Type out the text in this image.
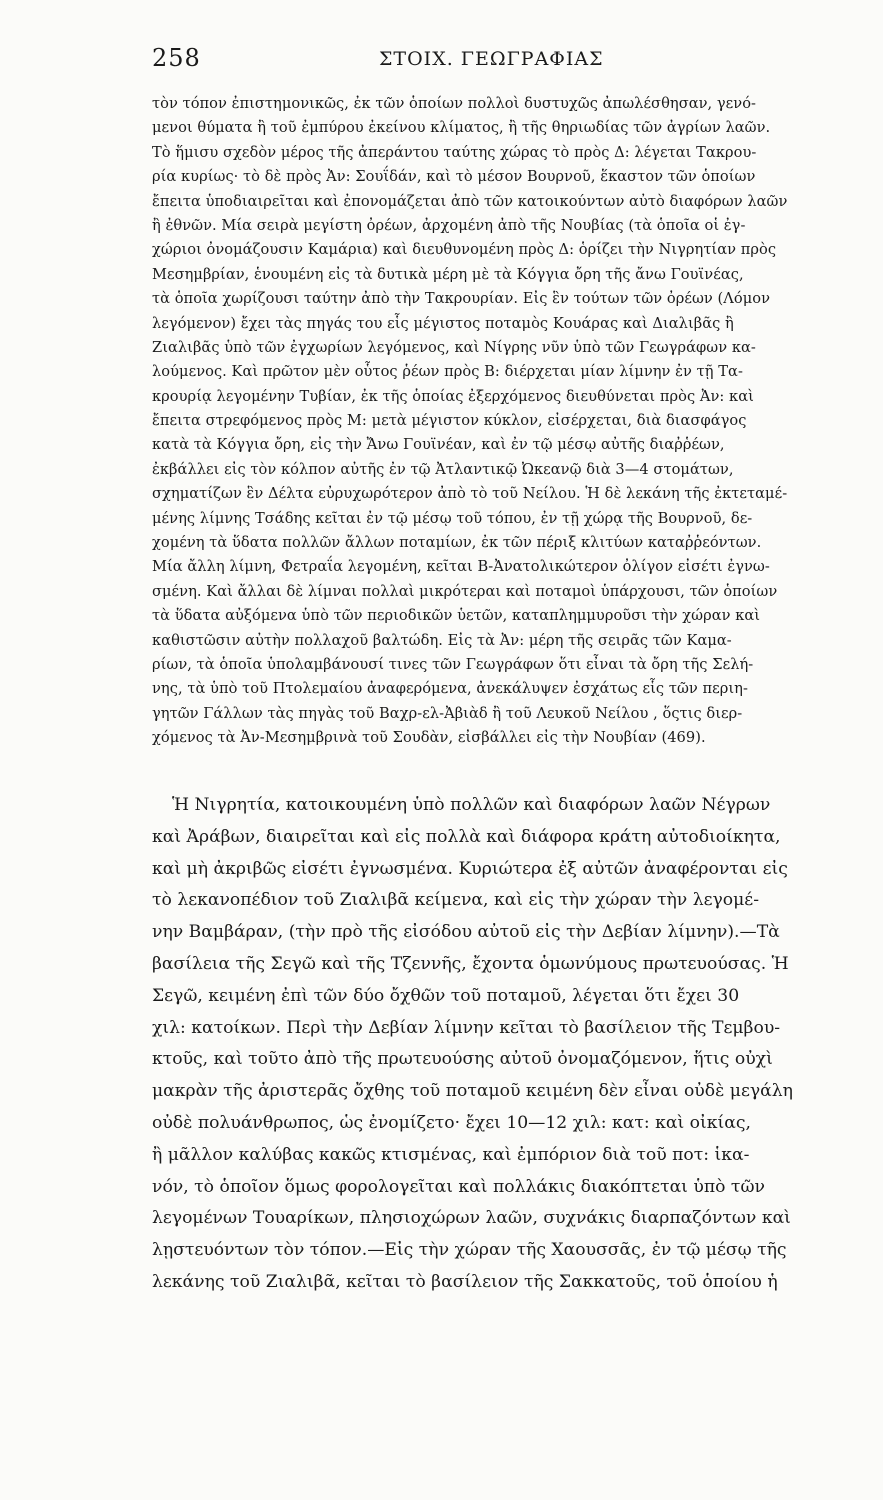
258	ΣΤΟΙΧ. ΓΕΩΓΡΑΦΙΑΣ
τὸν τόπον ἐπιστημονικῶς, ἐκ τῶν ὁποίων πολλοὶ δυστυχῶς ἀπωλέσθησαν, γενό-
μενοι θύματα ἢ τοῦ ἐμπύρου ἐκείνου κλίματος, ἢ τῆς θηριωδίας τῶν ἀγρίων λαῶν.
Τὸ ἥμισυ σχεδὸν μέρος τῆς ἀπεράντου ταύτης χώρας τὸ πρὸς Δ: λέγεται Τακρου-
ρία κυρίως· τὸ δὲ πρὸς Ἀν: Σουΐδάν, καὶ τὸ μέσον Βουρνοῦ, ἕκαστον τῶν ὁποίων
ἔπειτα ὑποδιαιρεῖται καὶ ἐπονομάζεται ἀπὸ τῶν κατοικούντων αὐτὸ διαφόρων λαῶν
ἢ ἐθνῶν. Μία σειρὰ μεγίστη ὀρέων, ἀρχομένη ἀπὸ τῆς Νουβίας (τὰ ὁποῖα οἱ ἐγ-
χώριοι ὀνομάζουσιν Καμάρια) καὶ διευθυνομένη πρὸς Δ: ὁρίζει τὴν Νιγρητίαν πρὸς
Μεσημβρίαν, ἑνουμένη εἰς τὰ δυτικὰ μέρη μὲ τὰ Κόγγια ὄρη τῆς ἄνω Γουϊνέας,
τὰ ὁποῖα χωρίζουσι ταύτην ἀπὸ τὴν Τακρουρίαν. Εἰς ἓν τούτων τῶν ὀρέων (Λόμον
λεγόμενον) ἔχει τὰς πηγάς του εἷς μέγιστος ποταμὸς Κουάρας καὶ Διαλιβᾶς ἢ
Ζιαλιβᾶς ὑπὸ τῶν ἐγχωρίων λεγόμενος, καὶ Νίγρης νῦν ὑπὸ τῶν Γεωγράφων κα-
λούμενος. Καὶ πρῶτον μὲν οὗτος ῥέων πρὸς Β: διέρχεται μίαν λίμνην ἐν τῇ Τα-
κρουρίᾳ λεγομένην Τυβίαν, ἐκ τῆς ὁποίας ἐξερχόμενος διευθύνεται πρὸς Ἀν: καὶ
ἔπειτα στρεφόμενος πρὸς Μ: μετὰ μέγιστον κύκλον, εἰσέρχεται, διὰ διασφάγος
κατὰ τὰ Κόγγια ὄρη, εἰς τὴν Ἄνω Γουϊνέαν, καὶ ἐν τῷ μέσῳ αὐτῆς διαῤῥέων,
ἐκβάλλει εἰς τὸν κόλπον αὐτῆς ἐν τῷ Ἀτλαντικῷ Ὠκεανῷ διὰ 3—4 στομάτων,
σχηματίζων ἓν Δέλτα εὐρυχωρότερον ἀπὸ τὸ τοῦ Νείλου. Ἡ δὲ λεκάνη τῆς ἐκτεταμέ-
μένης λίμνης Τσάδης κεῖται ἐν τῷ μέσῳ τοῦ τόπου, ἐν τῇ χώρᾳ τῆς Βουρνοῦ, δε-
χομένη τὰ ὕδατα πολλῶν ἄλλων ποταμίων, ἐκ τῶν πέριξ κλιτύων καταῤῥεόντων.
Μία ἄλλη λίμνη, Φετραΐα λεγομένη, κεῖται Β-Ἀνατολικώτερον ὀλίγον εἰσέτι ἐγνω-
σμένη. Καὶ ἄλλαι δὲ λίμναι πολλαὶ μικρότεραι καὶ ποταμοὶ ὑπάρχουσι, τῶν ὁποίων
τὰ ὕδατα αὐξόμενα ὑπὸ τῶν περιοδικῶν ὑετῶν, καταπλημμυροῦσι τὴν χώραν καὶ
καθιστῶσιν αὐτὴν πολλαχοῦ βαλτώδη. Εἰς τὰ Ἀν: μέρη τῆς σειρᾶς τῶν Καμα-
ρίων, τὰ ὁποῖα ὑπολαμβάνουσί τινες τῶν Γεωγράφων ὅτι εἶναι τὰ ὄρη τῆς Σελή-
νης, τὰ ὑπὸ τοῦ Πτολεμαίου ἀναφερόμενα, ἀνεκάλυψεν ἐσχάτως εἷς τῶν περιη-
γητῶν Γάλλων τὰς πηγὰς τοῦ Βαχρ-ελ-Ἀβιὰδ ἢ τοῦ Λευκοῦ Νείλου , ὅςτις διερ-
χόμενος τὰ Ἀν-Μεσημβρινὰ τοῦ Σουδὰν, εἰσβάλλει εἰς τὴν Νουβίαν (469).
Ἡ Νιγρητία, κατοικουμένη ὑπὸ πολλῶν καὶ διαφόρων λαῶν Νέγρων
καὶ Ἀράβων, διαιρεῖται καὶ εἰς πολλὰ καὶ διάφορα κράτη αὐτοδιοίκητα,
καὶ μὴ ἀκριβῶς εἰσέτι ἐγνωσμένα. Κυριώτερα ἐξ αὐτῶν ἀναφέρονται εἰς
τὸ λεκανοπέδιον τοῦ Ζιαλιβᾶ κείμενα, καὶ εἰς τὴν χώραν τὴν λεγομέ-
νην Βαμβάραν, (τὴν πρὸ τῆς εἰσόδου αὐτοῦ εἰς τὴν Δεβίαν λίμνην).—Τὰ
βασίλεια τῆς Σεγῶ καὶ τῆς Τζεννῆς, ἔχοντα ὁμωνύμους πρωτευούσας. Ἡ
Σεγῶ, κειμένη ἐπὶ τῶν δύο ὄχθῶν τοῦ ποταμοῦ, λέγεται ὅτι ἔχει 30
χιλ: κατοίκων. Περὶ τὴν Δεβίαν λίμνην κεῖται τὸ βασίλειον τῆς Τεμβου-
κτοῦς, καὶ τοῦτο ἀπὸ τῆς πρωτευούσης αὐτοῦ ὀνομαζόμενον, ἥτις οὐχὶ
μακρὰν τῆς ἀριστερᾶς ὄχθης τοῦ ποταμοῦ κειμένη δὲν εἶναι οὐδὲ μεγάλη
οὐδὲ πολυάνθρωπος, ὡς ἐνομίζετο· ἔχει 10—12 χιλ: κατ: καὶ οἰκίας,
ἢ μᾶλλον καλύβας κακῶς κτισμένας, καὶ ἐμπόριον διὰ τοῦ ποτ: ἱκα-
νόν, τὸ ὁποῖον ὅμως φορολογεῖται καὶ πολλάκις διακόπτεται ὑπὸ τῶν
λεγομένων Τουαρίκων, πλησιοχώρων λαῶν, συχνάκις διαρπαζόντων καὶ
λῃστευόντων τὸν τόπον.—Εἰς τὴν χώραν τῆς Χαουσσᾶς, ἐν τῷ μέσῳ τῆς
λεκάνης τοῦ Ζιαλιβᾶ, κεῖται τὸ βασίλειον τῆς Σακκατοῦς, τοῦ ὁποίου ἡ
